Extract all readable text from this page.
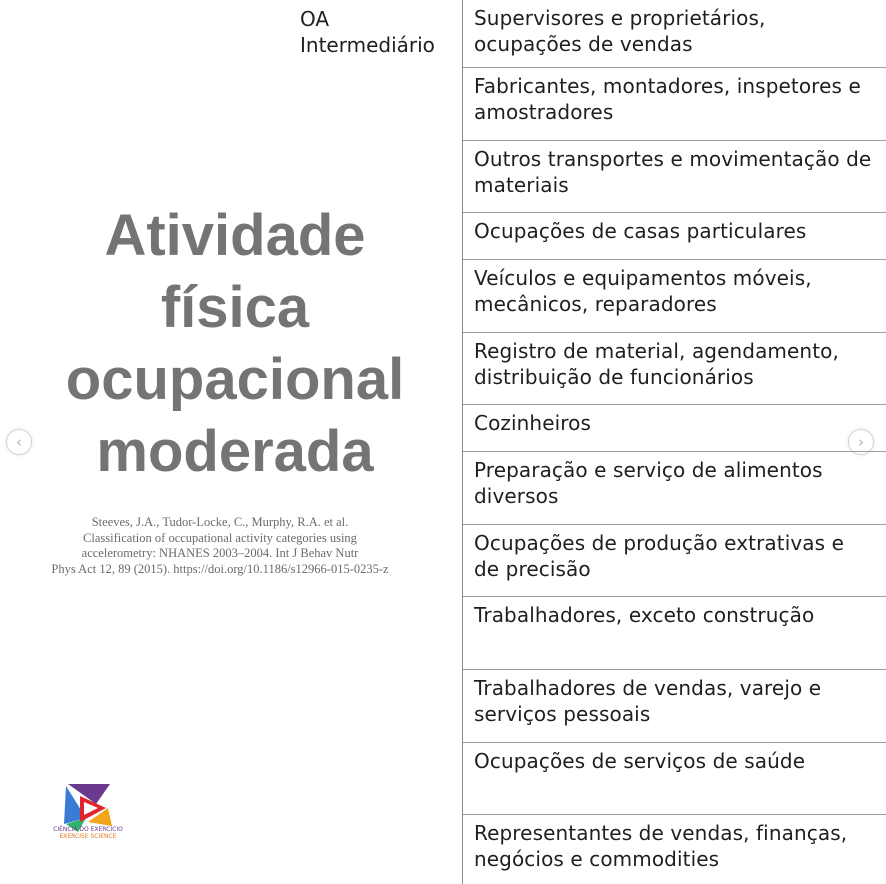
OA
Intermediário

Atividade
física
ocupacional
moderada

Steeves, J.A., Tudor-Locke, C., Murphy, R.A. et al.
Classification of occupational activity categories using
accelerometry: NHANES 2003–2004. Int J Behav Nutr
Phys Act 12, 89 (2015). https://doi.org/10.1186/s12966-015-0235-z

‹	›
Supervisores e proprietários,
ocupações de vendas
Fabricantes, montadores, inspetores e
amostradores
Outros transportes e movimentação de
materiais
Ocupações de casas particulares
Veículos e equipamentos móveis,
mecânicos, reparadores
Registro de material, agendamento,
distribuição de funcionários
Cozinheiros
Preparação e serviço de alimentos
diversos
Ocupações de produção extrativas e
de precisão
Trabalhadores, exceto construção
Trabalhadores de vendas, varejo e
serviços pessoais
Ocupações de serviços de saúde
Representantes de vendas, finanças,
negócios e commodities

CIÊNCIA DO EXERCÍCIO
EXERCISE SCIENCE
